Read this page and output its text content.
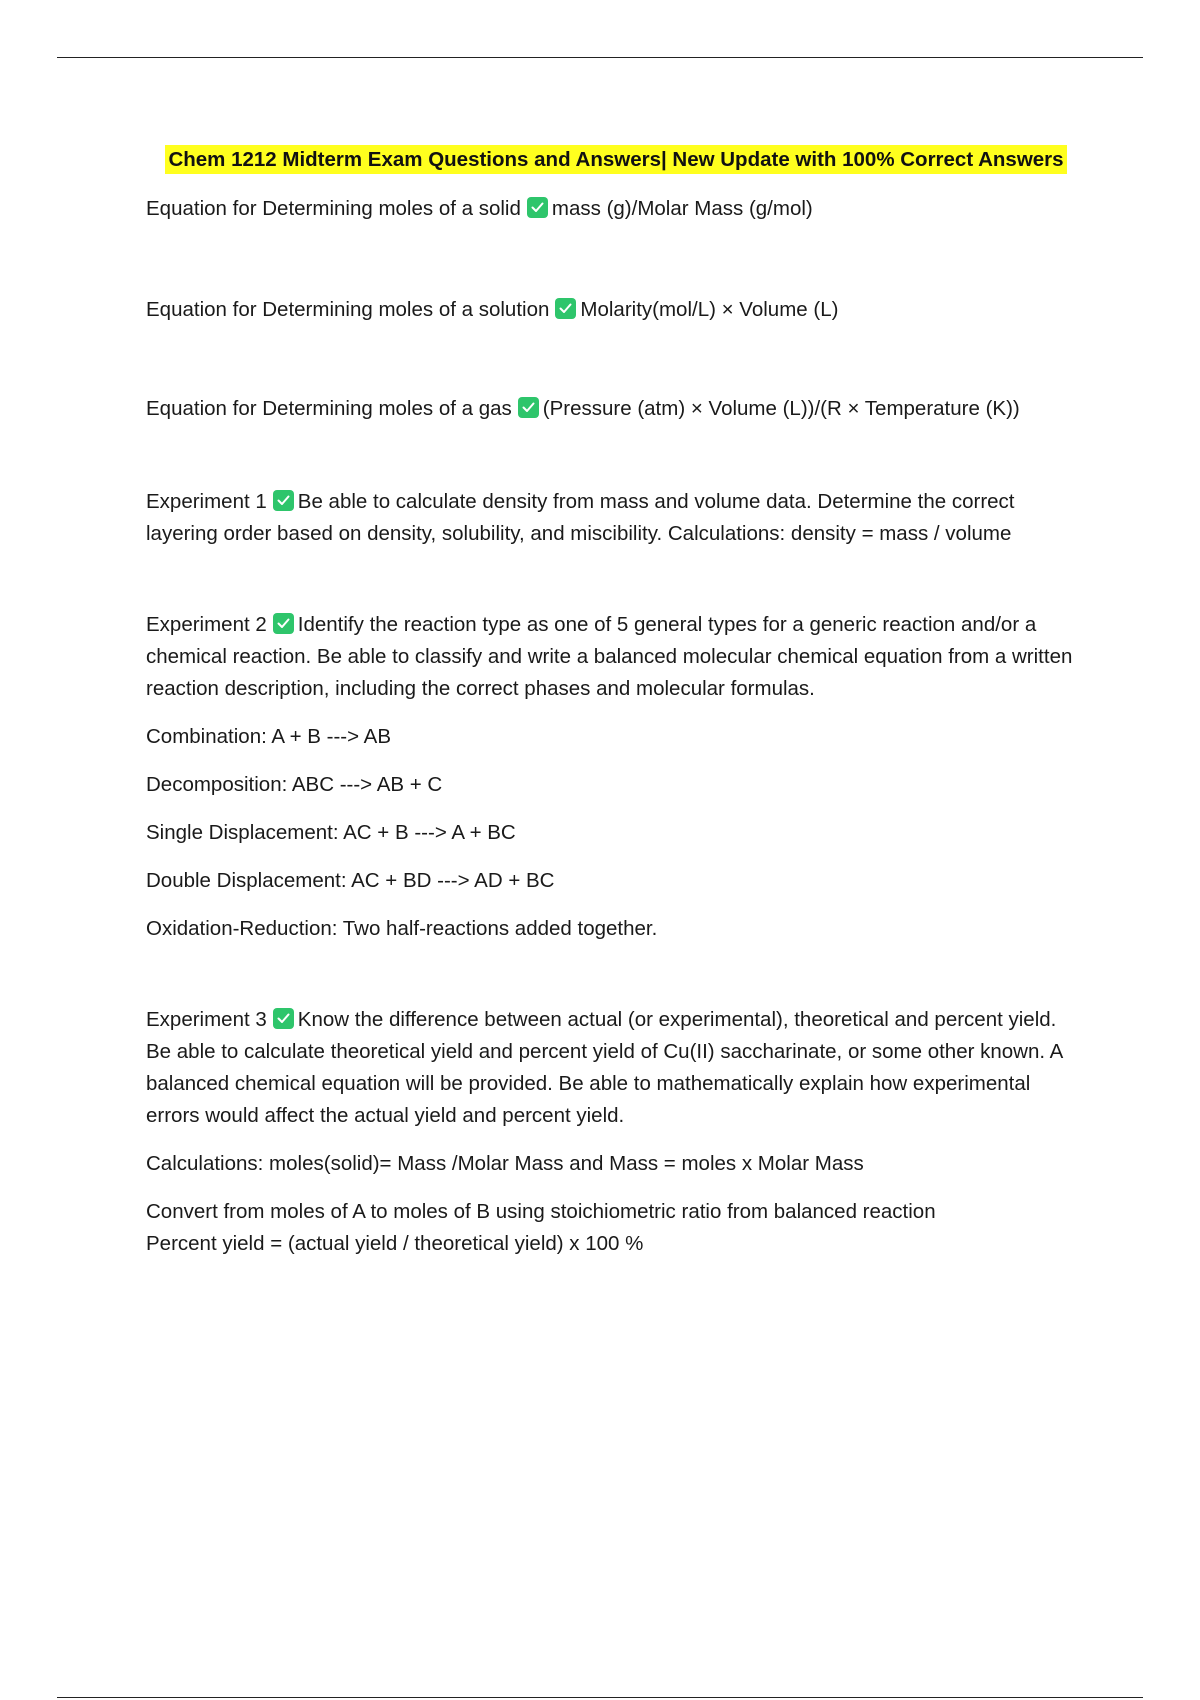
Chem 1212 Midterm Exam Questions and Answers| New Update with 100% Correct Answers

Equation for Determining moles of a solid mass (g)/Molar Mass (g/mol)

Equation for Determining moles of a solution Molarity(mol/L) × Volume (L)

Equation for Determining moles of a gas (Pressure (atm) × Volume (L))/(R × Temperature (K))

Experiment 1 Be able to calculate density from mass and volume data. Determine the correct layering order based on density, solubility, and miscibility. Calculations: density = mass / volume

Experiment 2 Identify the reaction type as one of 5 general types for a generic reaction and/or a chemical reaction. Be able to classify and write a balanced molecular chemical equation from a written reaction description, including the correct phases and molecular formulas.

Combination: A + B ---> AB

Decomposition: ABC ---> AB + C

Single Displacement: AC + B ---> A + BC

Double Displacement: AC + BD ---> AD + BC

Oxidation-Reduction: Two half-reactions added together.

Experiment 3 Know the difference between actual (or experimental), theoretical and percent yield. Be able to calculate theoretical yield and percent yield of Cu(II) saccharinate, or some other known. A balanced chemical equation will be provided. Be able to mathematically explain how experimental errors would affect the actual yield and percent yield.

Calculations: moles(solid)= Mass /Molar Mass and Mass = moles x Molar Mass

Convert from moles of A to moles of B using stoichiometric ratio from balanced reaction

Percent yield = (actual yield / theoretical yield) x 100 %
